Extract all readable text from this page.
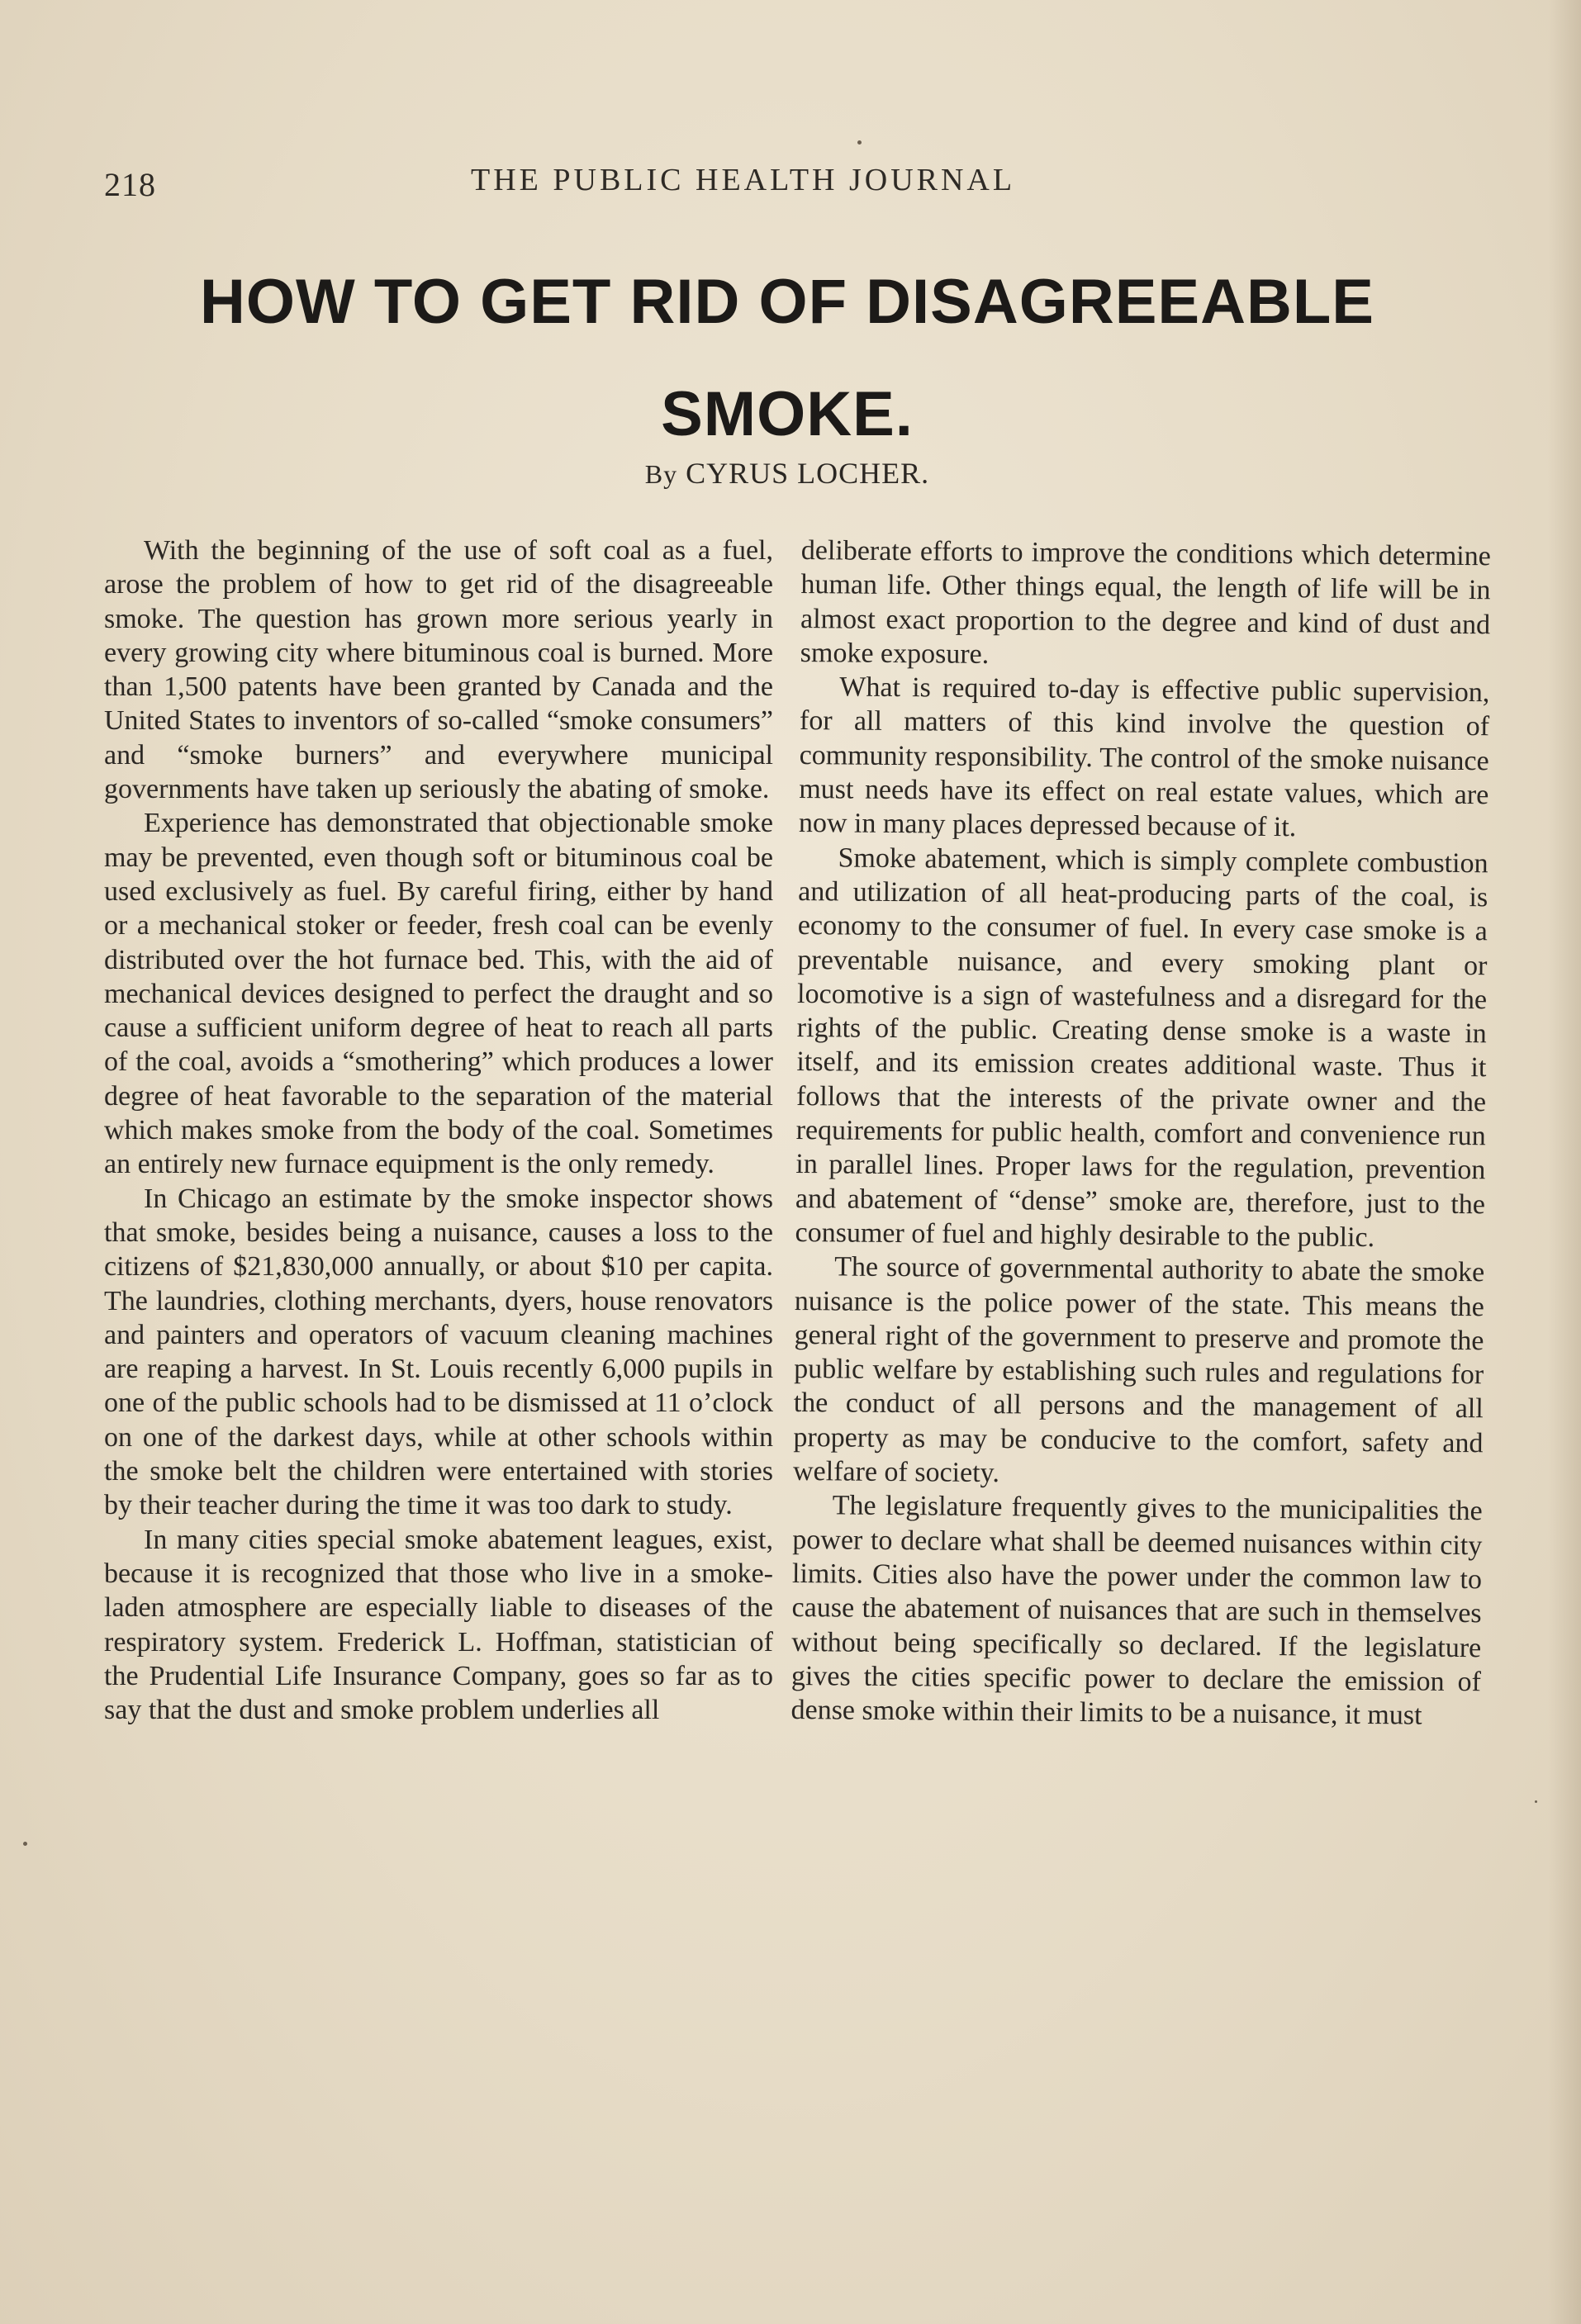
218	THE PUBLIC HEALTH JOURNAL
HOW TO GET RID OF DISAGREEABLE SMOKE.
By CYRUS LOCHER.

With the beginning of the use of soft coal as a fuel, arose the problem of how to get rid of the disagreeable smoke. The question has grown more serious yearly in every growing city where bituminous coal is burned. More than 1,500 patents have been granted by Canada and the United States to inventors of so-called “smoke consumers” and “smoke burners” and everywhere municipal governments have taken up seriously the abating of smoke.

Experience has demonstrated that objectionable smoke may be prevented, even though soft or bituminous coal be used exclusively as fuel. By careful firing, either by hand or a mechanical stoker or feeder, fresh coal can be evenly distributed over the hot furnace bed. This, with the aid of mechanical devices designed to perfect the draught and so cause a sufficient uniform degree of heat to reach all parts of the coal, avoids a “smothering” which produces a lower degree of heat favorable to the separation of the material which makes smoke from the body of the coal. Sometimes an entirely new furnace equipment is the only remedy.

In Chicago an estimate by the smoke inspector shows that smoke, besides being a nuisance, causes a loss to the citizens of $21,830,000 annually, or about $10 per capita. The laundries, clothing merchants, dyers, house renovators and painters and operators of vacuum cleaning machines are reaping a harvest. In St. Louis recently 6,000 pupils in one of the public schools had to be dismissed at 11 o’clock on one of the darkest days, while at other schools within the smoke belt the children were entertained with stories by their teacher during the time it was too dark to study.

In many cities special smoke abatement leagues, exist, because it is recognized that those who live in a smoke-laden atmosphere are especially liable to diseases of the respiratory system. Frederick L. Hoffman, statistician of the Prudential Life Insurance Company, goes so far as to say that the dust and smoke problem underlies all

deliberate efforts to improve the conditions which determine human life. Other things equal, the length of life will be in almost exact proportion to the degree and kind of dust and smoke exposure.

What is required to-day is effective public supervision, for all matters of this kind involve the question of community responsibility. The control of the smoke nuisance must needs have its effect on real estate values, which are now in many places depressed because of it.

Smoke abatement, which is simply complete combustion and utilization of all heat-producing parts of the coal, is economy to the consumer of fuel. In every case smoke is a preventable nuisance, and every smoking plant or locomotive is a sign of wastefulness and a disregard for the rights of the public. Creating dense smoke is a waste in itself, and its emission creates additional waste. Thus it follows that the interests of the private owner and the requirements for public health, comfort and convenience run in parallel lines. Proper laws for the regulation, prevention and abatement of “dense” smoke are, therefore, just to the consumer of fuel and highly desirable to the public.

The source of governmental authority to abate the smoke nuisance is the police power of the state. This means the general right of the government to preserve and promote the public welfare by establishing such rules and regulations for the conduct of all persons and the management of all property as may be conducive to the comfort, safety and welfare of society.

The legislature frequently gives to the municipalities the power to declare what shall be deemed nuisances within city limits. Cities also have the power under the common law to cause the abatement of nuisances that are such in themselves without being specifically so declared. If the legislature gives the cities specific power to declare the emission of dense smoke within their limits to be a nuisance, it must
